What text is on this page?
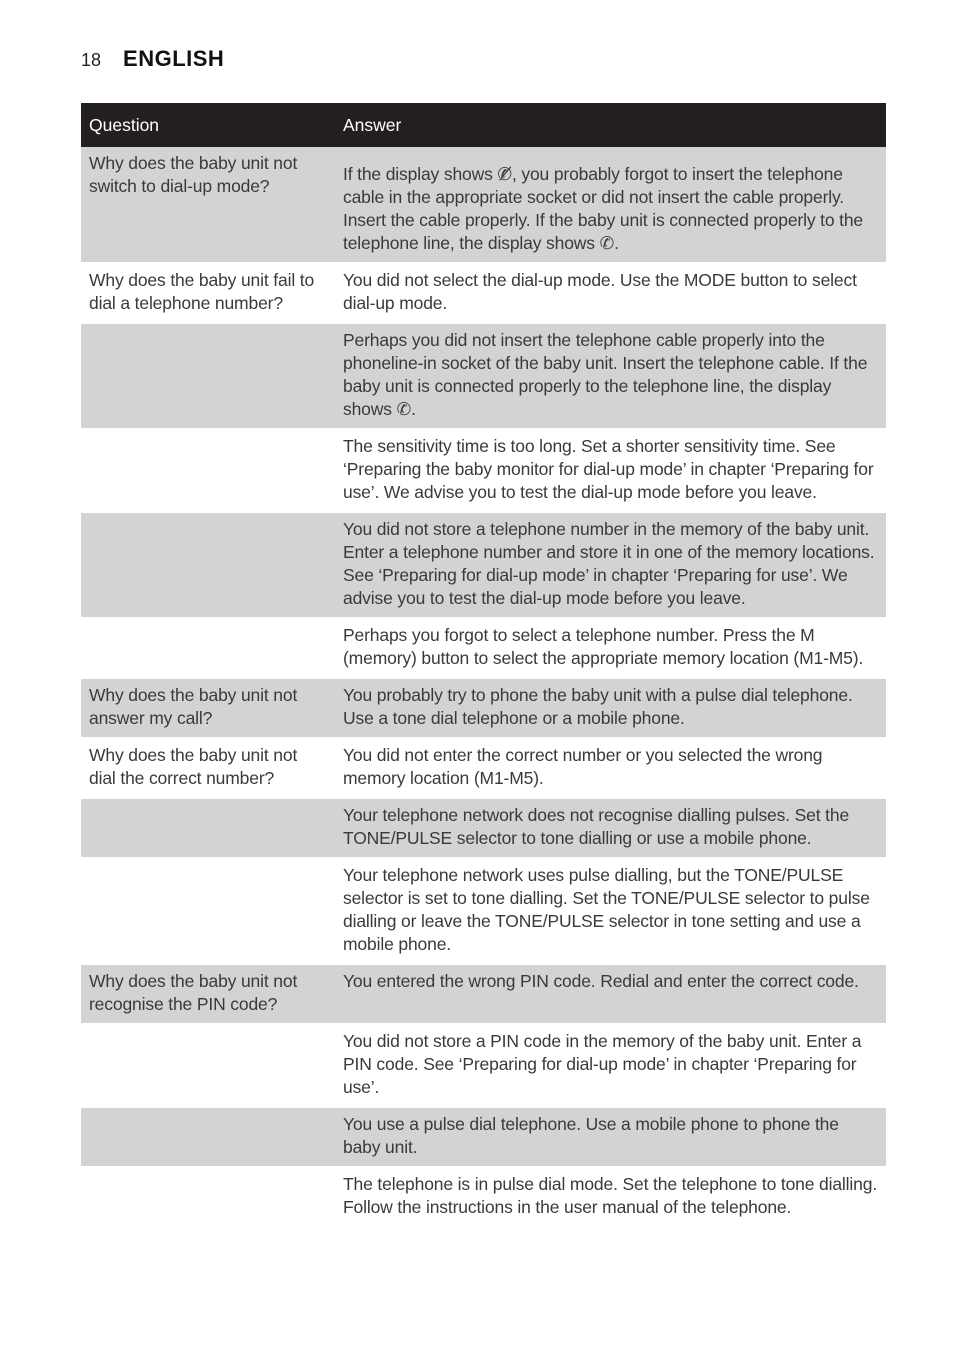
18 ENGLISH
Question	Answer
Why does the baby unit not switch to dial-up mode?	If the display shows ✆̸, you probably forgot to insert the telephone cable in the appropriate socket or did not insert the cable properly. Insert the cable properly. If the baby unit is connected properly to the telephone line, the display shows ✆.
Why does the baby unit fail to dial a telephone number?	You did not select the dial-up mode. Use the MODE button to select dial-up mode.
	Perhaps you did not insert the telephone cable properly into the phoneline-in socket of the baby unit. Insert the telephone cable. If the baby unit is connected properly to the telephone line, the display shows ✆.
	The sensitivity time is too long. Set a shorter sensitivity time. See ‘Preparing the baby monitor for dial-up mode’ in chapter ‘Preparing for use’. We advise you to test the dial-up mode before you leave.
	You did not store a telephone number in the memory of the baby unit. Enter a telephone number and store it in one of the memory locations. See ‘Preparing for dial-up mode’ in chapter ‘Preparing for use’. We advise you to test the dial-up mode before you leave.
	Perhaps you forgot to select a telephone number. Press the M (memory) button to select the appropriate memory location (M1-M5).
Why does the baby unit not answer my call?	You probably try to phone the baby unit with a pulse dial telephone. Use a tone dial telephone or a mobile phone.
Why does the baby unit not dial the correct number?	You did not enter the correct number or you selected the wrong memory location (M1-M5).
	Your telephone network does not recognise dialling pulses. Set the TONE/PULSE selector to tone dialling or use a mobile phone.
	Your telephone network uses pulse dialling, but the TONE/PULSE selector is set to tone dialling. Set the TONE/PULSE selector to pulse dialling or leave the TONE/PULSE selector in tone setting and use a mobile phone.
Why does the baby unit not recognise the PIN code?	You entered the wrong PIN code. Redial and enter the correct code.
	You did not store a PIN code in the memory of the baby unit. Enter a PIN code. See ‘Preparing for dial-up mode’ in chapter ‘Preparing for use’.
	You use a pulse dial telephone. Use a mobile phone to phone the baby unit.
	The telephone is in pulse dial mode. Set the telephone to tone dialling. Follow the instructions in the user manual of the telephone.
